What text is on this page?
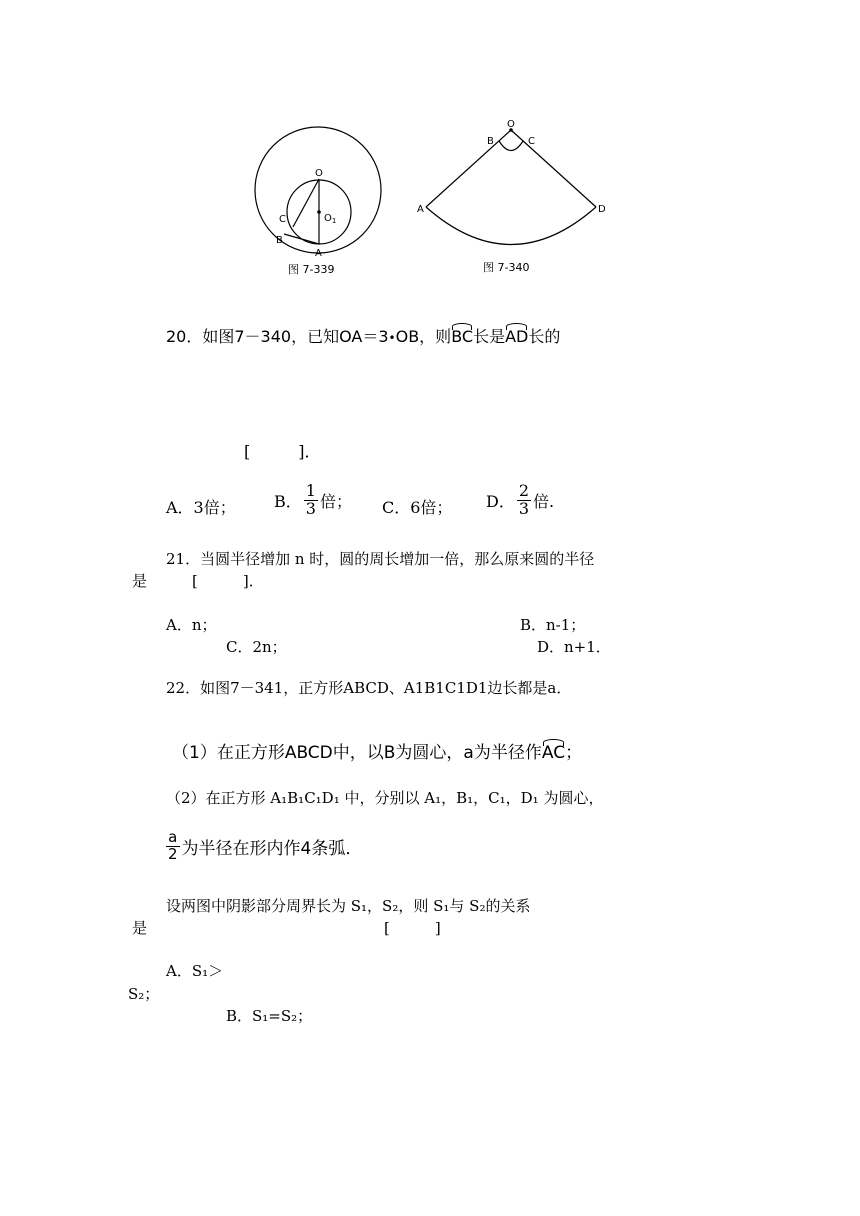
O
$O_1$
C
B
A
图 7-339
O
B	C
A	D
图 7-340
20．如图7－340，已知OA＝3•OB，则BC长是AD长的
[　　　]．
A．3倍； B． $\frac{1}{3}$ 倍； C．6倍； D． $\frac{2}{3}$ 倍.
21．当圆半径增加 n 时，圆的周长增加一倍，那么原来圆的半径
是　　　[　　　]．
A．n；	B．n-1；
C．2n；	D．n+1．
22．如图7－341，正方形ABCD、A1B1C1D1边长都是a．
（1）在正方形ABCD中，以B为圆心，a为半径作AC；
（2）在正方形 A₁B₁C₁D₁ 中，分别以 A₁，B₁，C₁，D₁ 为圆心，
$\frac{a}{2}$ 为半径在形内作4条弧．
设两图中阴影部分周界长为 S₁，S₂，则 S₁与 S₂的关系
是	[　　　]
A．S₁＞
S₂；
B．S₁=S₂；
